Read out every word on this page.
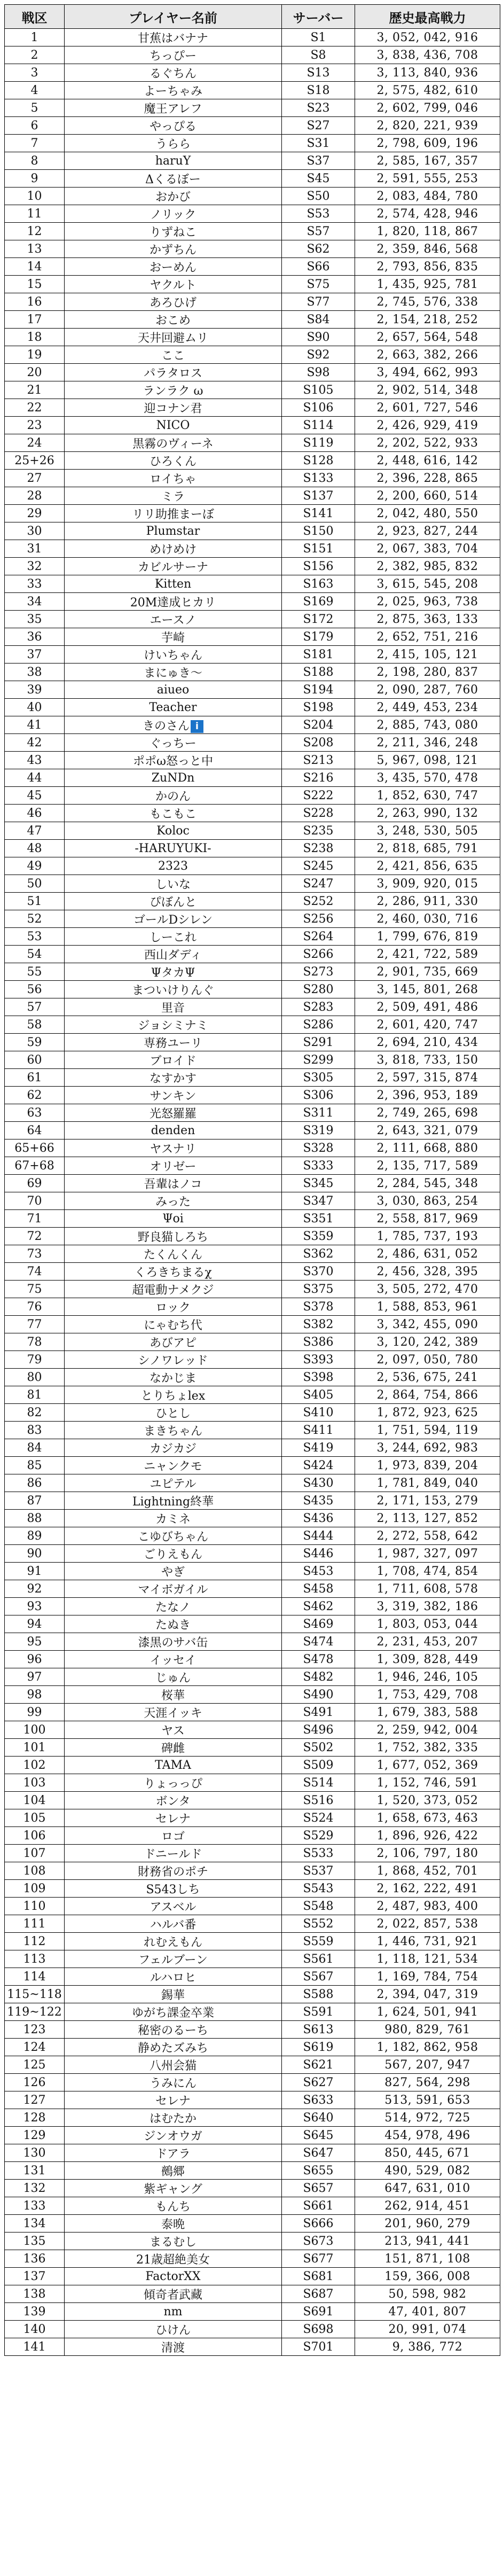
戦区	プレイヤー名前	サーバー	歴史最高戦力
1	甘蕉はバナナ	S1	3, 052, 042, 916
2	ちっぴー	S8	3, 838, 436, 708
3	るぐちん	S13	3, 113, 840, 936
4	よーちゃみ	S18	2, 575, 482, 610
5	魔王アレフ	S23	2, 602, 799, 046
6	やっぴる	S27	2, 820, 221, 939
7	うらら	S31	2, 798, 609, 196
8	haruY	S37	2, 585, 167, 357
9	Δくるぼー	S45	2, 591, 555, 253
10	おかび	S50	2, 083, 484, 780
11	ノリック	S53	2, 574, 428, 946
12	りずねこ	S57	1, 820, 118, 867
13	かずちん	S62	2, 359, 846, 568
14	おーめん	S66	2, 793, 856, 835
15	ヤクルト	S75	1, 435, 925, 781
16	あろひげ	S77	2, 745, 576, 338
17	おこめ	S84	2, 154, 218, 252
18	天井回避ムリ	S90	2, 657, 564, 548
19	ここ	S92	2, 663, 382, 266
20	パラタロス	S98	3, 494, 662, 993
21	ランラク ω	S105	2, 902, 514, 348
22	迎コナン君	S106	2, 601, 727, 546
23	NICO	S114	2, 426, 929, 419
24	黒霧のヴィーネ	S119	2, 202, 522, 933
25+26	ひろくん	S128	2, 448, 616, 142
27	ロイちゃ	S133	2, 396, 228, 865
28	ミラ	S137	2, 200, 660, 514
29	リリ助推まーぼ	S141	2, 042, 480, 550
30	Plumstar	S150	2, 923, 827, 244
31	めけめけ	S151	2, 067, 383, 704
32	カビルサーナ	S156	2, 382, 985, 832
33	Kitten	S163	3, 615, 545, 208
34	20M達成ヒカリ	S169	2, 025, 963, 738
35	エースノ	S172	2, 875, 363, 133
36	芋崎	S179	2, 652, 751, 216
37	けいちゃん	S181	2, 415, 105, 121
38	まにゅき〜	S188	2, 198, 280, 837
39	aiueo	S194	2, 090, 287, 760
40	Teacher	S198	2, 449, 453, 234
41	きのさん i	S204	2, 885, 743, 080
42	ぐっちー	S208	2, 211, 346, 248
43	ポポω怒っと中	S213	5, 967, 098, 121
44	ZuNDn	S216	3, 435, 570, 478
45	かのん	S222	1, 852, 630, 747
46	もこもこ	S228	2, 263, 990, 132
47	Koloc	S235	3, 248, 530, 505
48	-HARUYUKI-	S238	2, 818, 685, 791
49	2323	S245	2, 421, 856, 635
50	しいな	S247	3, 909, 920, 015
51	ぴぼんと	S252	2, 286, 911, 330
52	ゴールDシレン	S256	2, 460, 030, 716
53	しーこれ	S264	1, 799, 676, 819
54	西山ダディ	S266	2, 421, 722, 589
55	ΨタカΨ	S273	2, 901, 735, 669
56	まついけりんぐ	S280	3, 145, 801, 268
57	里音	S283	2, 509, 491, 486
58	ジョシミナミ	S286	2, 601, 420, 747
59	専務ユーリ	S291	2, 694, 210, 434
60	ブロイド	S299	3, 818, 733, 150
61	なすかす	S305	2, 597, 315, 874
62	サンキン	S306	2, 396, 953, 189
63	光怒羅羅	S311	2, 749, 265, 698
64	denden	S319	2, 643, 321, 079
65+66	ヤスナリ	S328	2, 111, 668, 880
67+68	オリゼー	S333	2, 135, 717, 589
69	吾輩はノコ	S345	2, 284, 545, 348
70	みった	S347	3, 030, 863, 254
71	Ψoi	S351	2, 558, 817, 969
72	野良猫しろち	S359	1, 785, 737, 193
73	たくんくん	S362	2, 486, 631, 052
74	くろきちまるχ	S370	2, 456, 328, 395
75	超電動ナメクジ	S375	3, 505, 272, 470
76	ロック	S378	1, 588, 853, 961
77	にゃむち代	S382	3, 342, 455, 090
78	あびアピ	S386	3, 120, 242, 389
79	シノワレッド	S393	2, 097, 050, 780
80	なかじま	S398	2, 536, 675, 241
81	とりちょlex	S405	2, 864, 754, 866
82	ひとし	S410	1, 872, 923, 625
83	まきちゃん	S411	1, 751, 594, 119
84	カジカジ	S419	3, 244, 692, 983
85	ニャンクモ	S424	1, 973, 839, 204
86	ユピテル	S430	1, 781, 849, 040
87	Lightning終華	S435	2, 171, 153, 279
88	カミネ	S436	2, 113, 127, 852
89	こゆびちゃん	S444	2, 272, 558, 642
90	ごりえもん	S446	1, 987, 327, 097
91	やぎ	S453	1, 708, 474, 854
92	マイボガイル	S458	1, 711, 608, 578
93	たなノ	S462	3, 319, 382, 186
94	たぬき	S469	1, 803, 053, 044
95	漆黒のサバ缶	S474	2, 231, 453, 207
96	イッセイ	S478	1, 309, 828, 449
97	じゅん	S482	1, 946, 246, 105
98	桜華	S490	1, 753, 429, 708
99	天涯イッキ	S491	1, 679, 383, 588
100	ヤス	S496	2, 259, 942, 004
101	碑雌	S502	1, 752, 382, 335
102	TAMA	S509	1, 677, 052, 369
103	りょっっぴ	S514	1, 152, 746, 591
104	ボンタ	S516	1, 520, 373, 052
105	セレナ	S524	1, 658, 673, 463
106	ロゴ	S529	1, 896, 926, 422
107	ドニールド	S533	2, 106, 797, 180
108	財務省のポチ	S537	1, 868, 452, 701
109	S543しち	S543	2, 162, 222, 491
110	アスベル	S548	2, 487, 983, 400
111	ハルバ番	S552	2, 022, 857, 538
112	れむえもん	S559	1, 446, 731, 921
113	フェルブーン	S561	1, 118, 121, 534
114	ルハロヒ	S567	1, 169, 784, 754
115~118	錫華	S588	2, 394, 047, 319
119~122	ゆがち課金卒業	S591	1, 624, 501, 941
123	秘密のるーち	S613	980, 829, 761
124	静めたズみち	S619	1, 182, 862, 958
125	八州会猫	S621	567, 207, 947
126	うみにん	S627	827, 564, 298
127	セレナ	S633	513, 591, 653
128	はむたか	S640	514, 972, 725
129	ジンオウガ	S645	454, 978, 496
130	ドアラ	S647	850, 445, 671
131	鵺郷	S655	490, 529, 082
132	紫ギャング	S657	647, 631, 010
133	もんち	S661	262, 914, 451
134	泰晩	S666	201, 960, 279
135	まるむし	S673	213, 941, 441
136	21歳超絶美女	S677	151, 871, 108
137	FactorXX	S681	159, 366, 008
138	傾奇者武藏	S687	50, 598, 982
139	nm	S691	47, 401, 807
140	ひけん	S698	20, 991, 074
141	清渡	S701	9, 386, 772
